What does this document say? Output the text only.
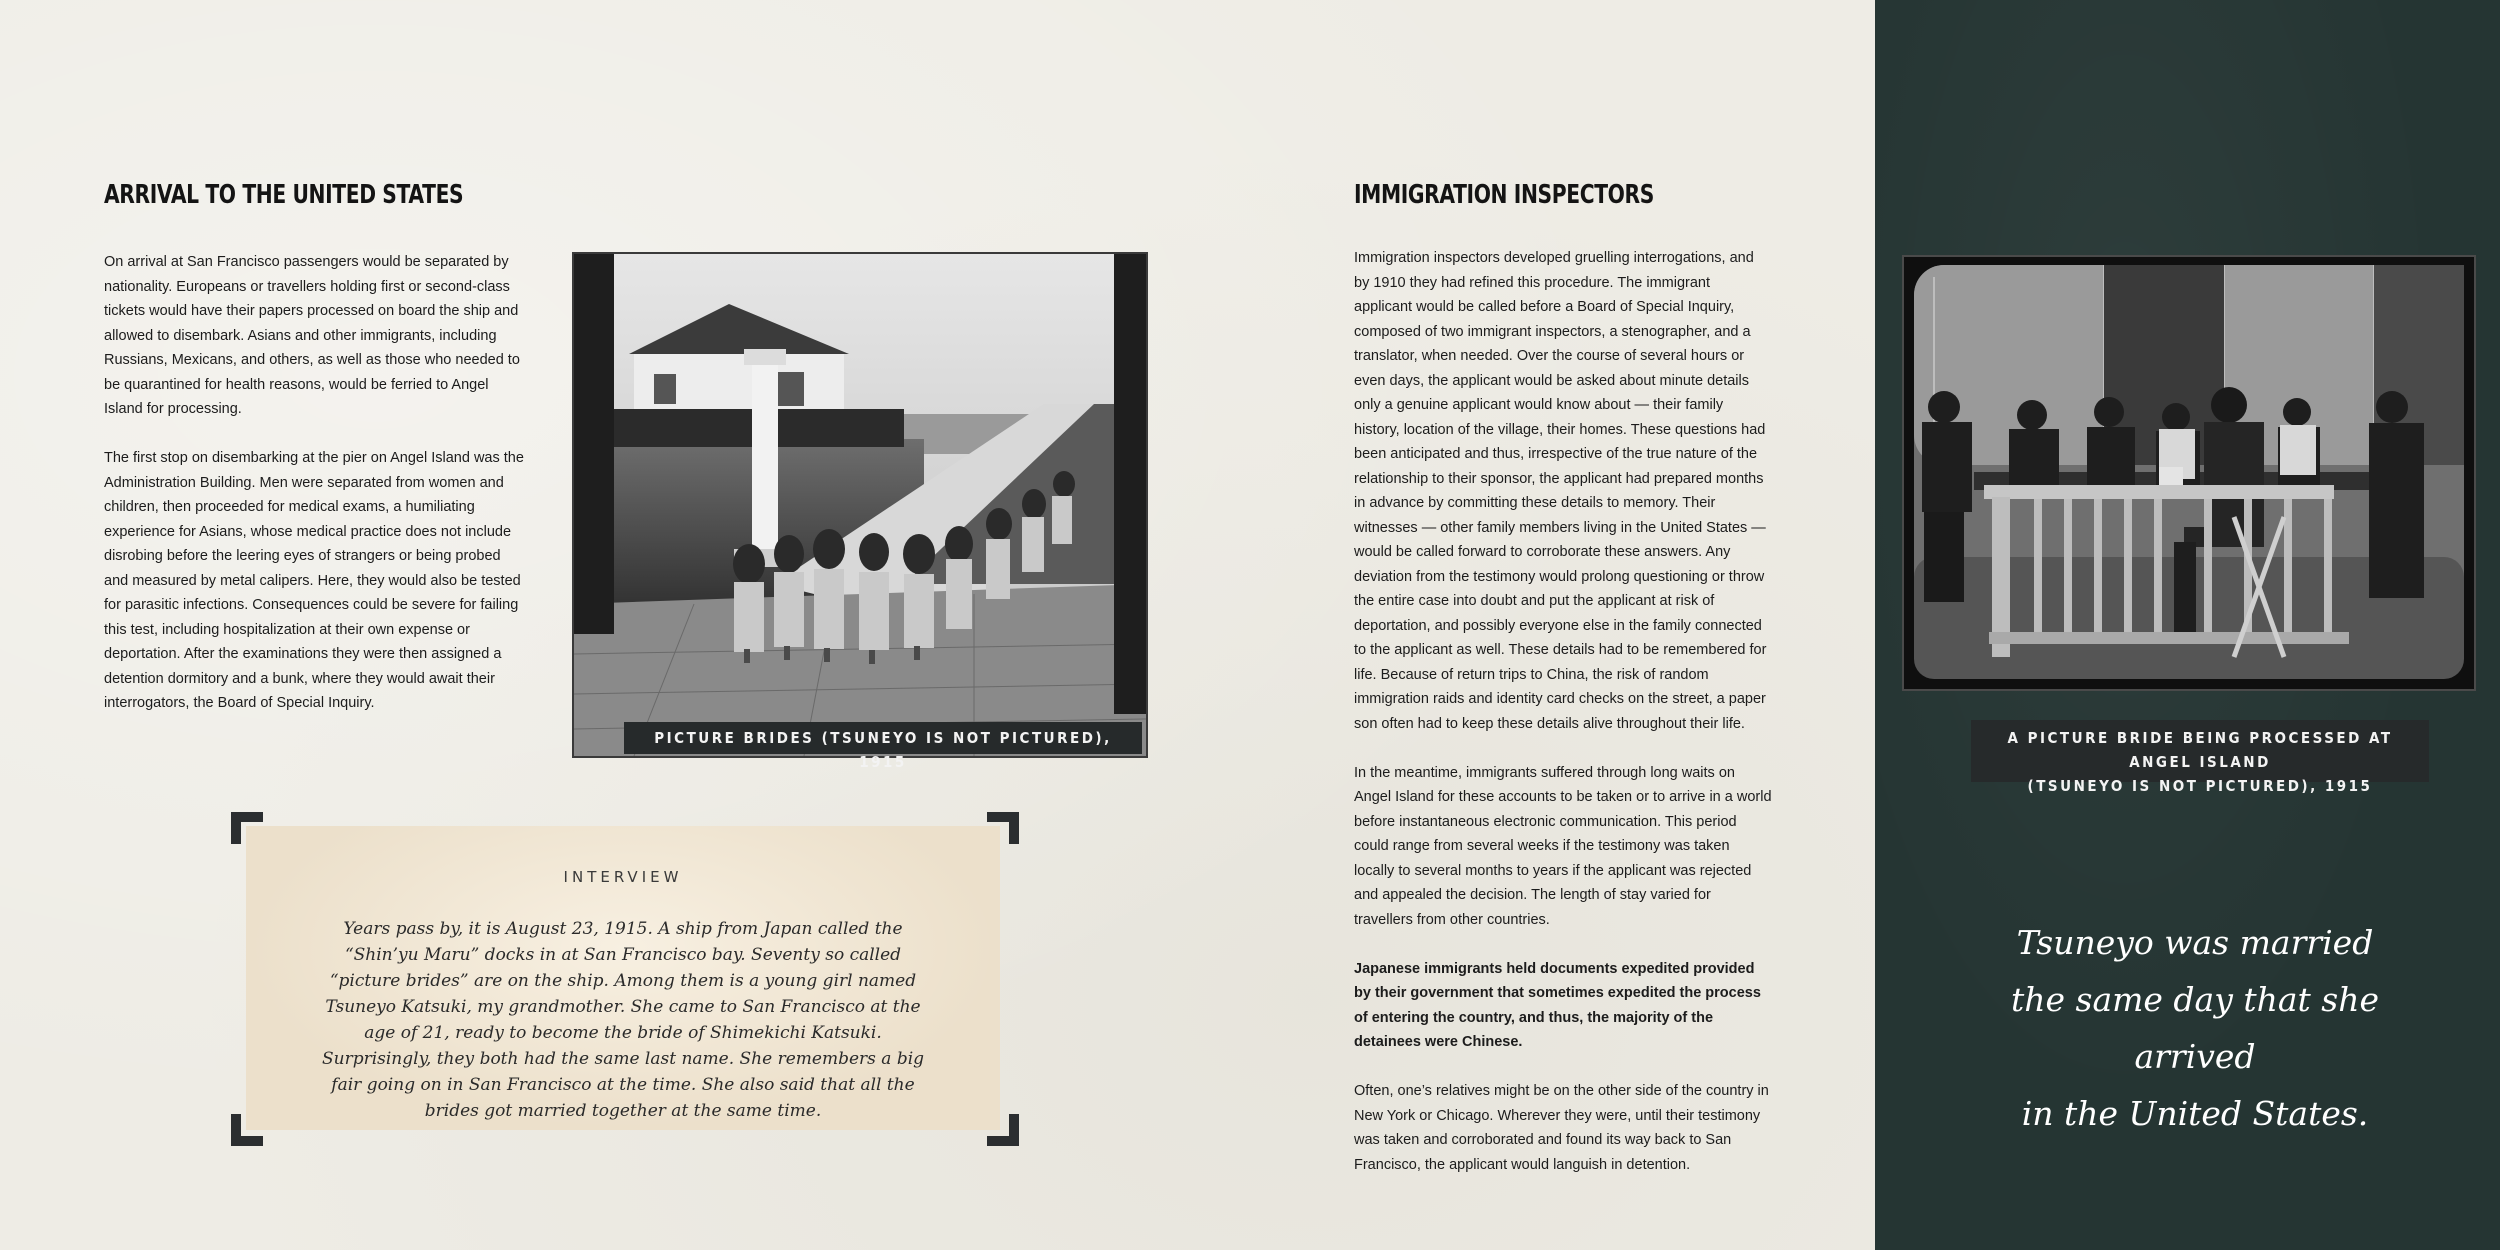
ARRIVAL TO THE UNITED STATES

On arrival at San Francisco passengers would be separated by nationality. Europeans or travellers holding first or second-class tickets would have their papers processed on board the ship and allowed to disembark. Asians and other immigrants, including Russians, Mexicans, and others, as well as those who needed to be quarantined for health reasons, would be ferried to Angel Island for processing.

The first stop on disembarking at the pier on Angel Island was the Administration Building. Men were separated from women and children, then proceeded for medical exams, a humiliating experience for Asians, whose medical practice does not include disrobing before the leering eyes of strangers or being probed and measured by metal calipers. Here, they would also be tested for parasitic infections. Consequences could be severe for failing this test, including hospitalization at their own expense or deportation. After the examinations they were then assigned a detention dormitory and a bunk, where they would await their interrogators, the Board of Special Inquiry.

PICTURE BRIDES (TSUNEYO IS NOT PICTURED), 1915
INTERVIEW
Years pass by, it is August 23, 1915. A ship from Japan called the “Shin’yu Maru” docks in at San Francisco bay. Seventy so called “picture brides” are on the ship. Among them is a young girl named Tsuneyo Katsuki, my grandmother. She came to San Francisco at the age of 21, ready to become the bride of Shimekichi Katsuki. Surprisingly, they both had the same last name. She remembers a big fair going on in San Francisco at the time. She also said that all the brides got married together at the same time.
IMMIGRATION INSPECTORS

Immigration inspectors developed gruelling interrogations, and by 1910 they had refined this procedure. The immigrant applicant would be called before a Board of Special Inquiry, composed of two immigrant inspectors, a stenographer, and a translator, when needed. Over the course of several hours or even days, the applicant would be asked about minute details only a genuine applicant would know about — their family history, location of the village, their homes. These questions had been anticipated and thus, irrespective of the true nature of the relationship to their sponsor, the applicant had prepared months in advance by committing these details to memory. Their witnesses — other family members living in the United States — would be called forward to corroborate these answers. Any deviation from the testimony would prolong questioning or throw the entire case into doubt and put the applicant at risk of deportation, and possibly everyone else in the family connected to the applicant as well. These details had to be remembered for life. Because of return trips to China, the risk of random immigration raids and identity card checks on the street, a paper son often had to keep these details alive throughout their life.

In the meantime, immigrants suffered through long waits on Angel Island for these accounts to be taken or to arrive in a world before instantaneous electronic communication. This period could range from several weeks if the testimony was taken locally to several months to years if the applicant was rejected and appealed the decision. The length of stay varied for travellers from other countries.

Japanese immigrants held documents expedited provided by their government that sometimes expedited the process of entering the country, and thus, the majority of the detainees were Chinese.

Often, one’s relatives might be on the other side of the country in New York or Chicago. Wherever they were, until their testimony was taken and corroborated and found its way back to San Francisco, the applicant would languish in detention.

A PICTURE BRIDE BEING PROCESSED AT ANGEL ISLAND
(TSUNEYO IS NOT PICTURED), 1915
Tsuneyo was married
the same day that she arrived
in the United States.
